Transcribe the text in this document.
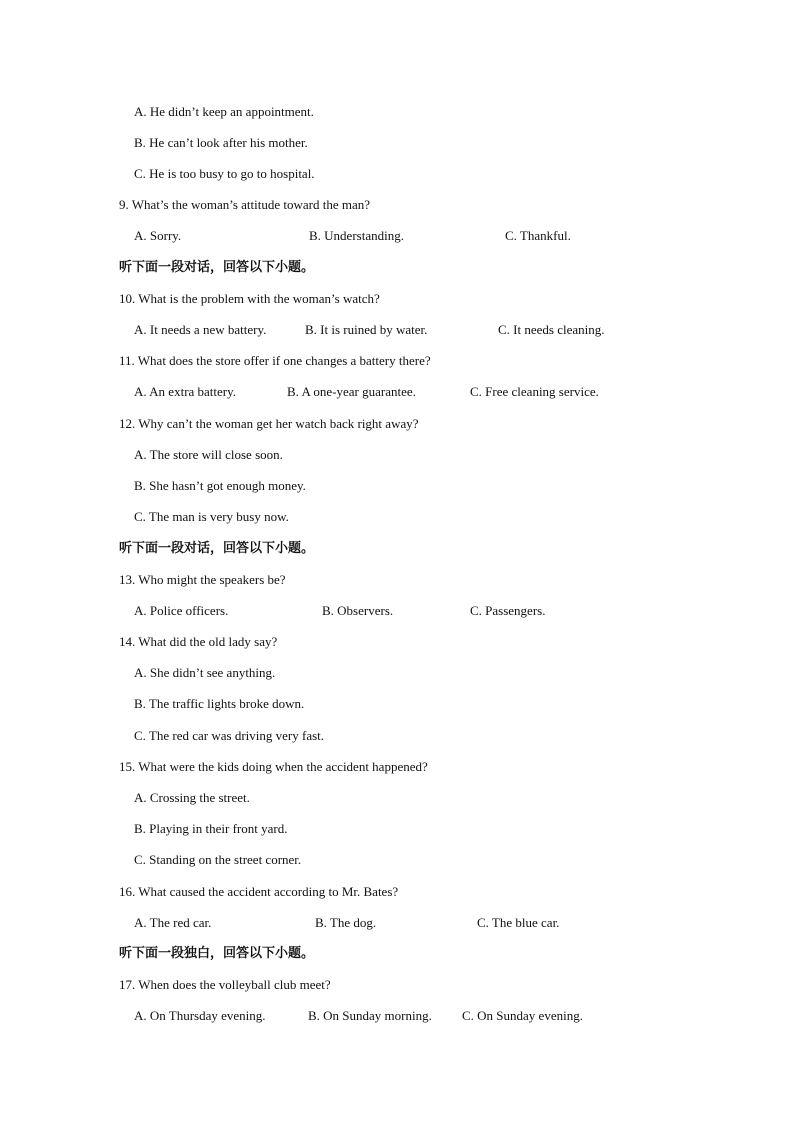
A. He didn’t keep an appointment.
B. He can’t look after his mother.
C. He is too busy to go to hospital.
9. What’s the woman’s attitude toward the man?
A. Sorry.	B. Understanding.	C. Thankful.
听下面一段对话，回答以下小题。
10. What is the problem with the woman’s watch?
A. It needs a new battery.	B. It is ruined by water.	C. It needs cleaning.
11. What does the store offer if one changes a battery there?
A. An extra battery.	B. A one-year guarantee.	C. Free cleaning service.
12. Why can’t the woman get her watch back right away?
A. The store will close soon.
B. She hasn’t got enough money.
C. The man is very busy now.
听下面一段对话，回答以下小题。
13. Who might the speakers be?
A. Police officers.	B. Observers.	C. Passengers.
14. What did the old lady say?
A. She didn’t see anything.
B. The traffic lights broke down.
C. The red car was driving very fast.
15. What were the kids doing when the accident happened?
A. Crossing the street.
B. Playing in their front yard.
C. Standing on the street corner.
16. What caused the accident according to Mr. Bates?
A. The red car.	B. The dog.	C. The blue car.
听下面一段独白，回答以下小题。
17. When does the volleyball club meet?
A. On Thursday evening.	B. On Sunday morning. C. On Sunday evening.
